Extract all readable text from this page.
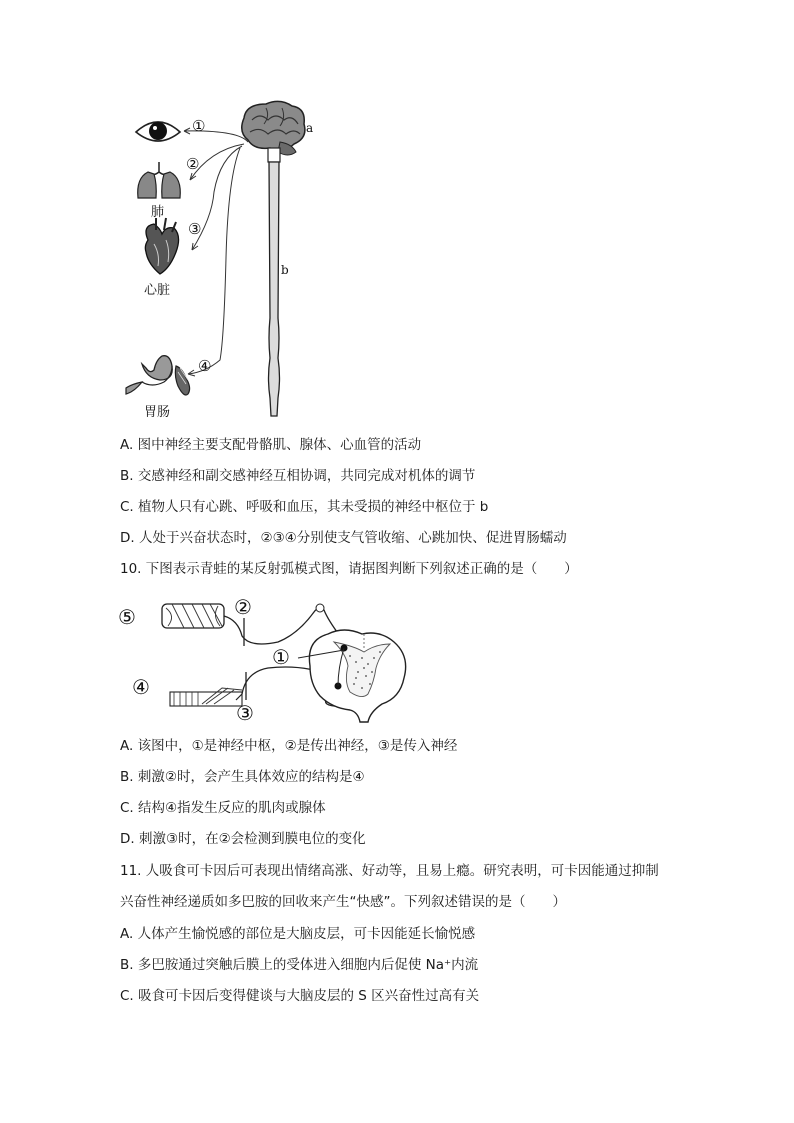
a
b
①
②
③
④
肺
心脏
胃肠
A. 图中神经主要支配骨骼肌、腺体、心血管的活动
B. 交感神经和副交感神经互相协调，共同完成对机体的调节
C. 植物人只有心跳、呼吸和血压，其未受损的神经中枢位于 b
D. 人处于兴奋状态时，②③④分别使支气管收缩、心跳加快、促进胃肠蠕动
10. 下图表示青蛙的某反射弧模式图，请据图判断下列叙述正确的是（　　）
⑤	②
①
④
③
A. 该图中，①是神经中枢，②是传出神经，③是传入神经
B. 刺激②时，会产生具体效应的结构是④
C. 结构④指发生反应的肌肉或腺体
D. 刺激③时，在②会检测到膜电位的变化
11. 人吸食可卡因后可表现出情绪高涨、好动等，且易上瘾。研究表明，可卡因能通过抑制
兴奋性神经递质如多巴胺的回收来产生“快感”。下列叙述错误的是（　　）
A. 人体产生愉悦感的部位是大脑皮层，可卡因能延长愉悦感
B. 多巴胺通过突触后膜上的受体进入细胞内后促使 Na⁺内流
C. 吸食可卡因后变得健谈与大脑皮层的 S 区兴奋性过高有关
